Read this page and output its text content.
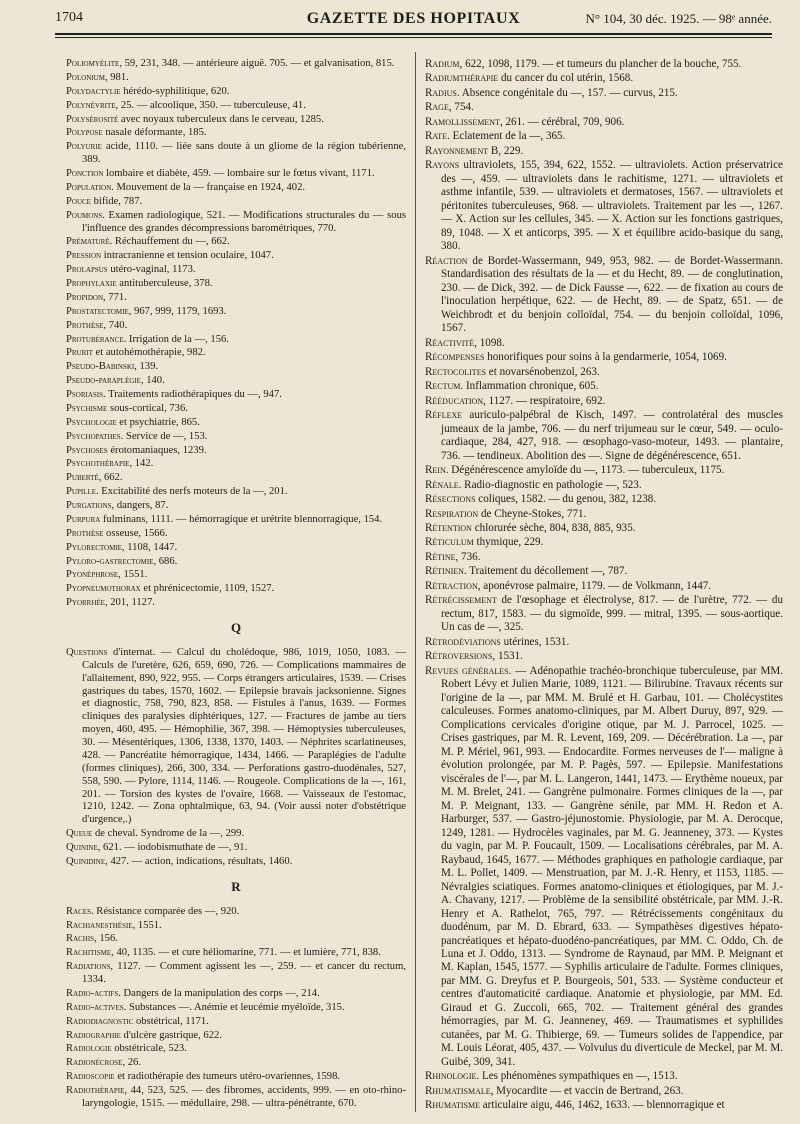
1704	GAZETTE DES HOPITAUX	N° 104, 30 déc. 1925. — 98ᵉ année.
Poliomyélite, 59, 231, 348. — antérieure aiguë. 705. — et galvanisation, 815.
Polonium, 981.
Polydactylie hérédo-syphilitique, 620.
Polynévrite, 25. — alcoolique, 350. — tuberculeuse, 41.
Polysérosité avec noyaux tuberculeux dans le cerveau, 1285.
Polypose nasale déformante, 185.
Polyurie acide, 1110. — liée sans doute à un gliome de la région tubérienne, 389.
Ponction lombaire et diabète, 459. — lombaire sur le fœtus vivant, 1171.
Population. Mouvement de la — française en 1924, 402.
Pouce bifide, 787.
Poumons. Examen radiologique, 521. — Modifications structurales du — sous l'influence des grandes décompressions barométriques, 770.
Prématuré. Réchauffement du —, 662.
Pression intracranienne et tension oculaire, 1047.
Prolapsus utéro-vaginal, 1173.
Prophylaxie antituberculeuse, 378.
Propidon, 771.
Prostatectomie, 967, 999, 1179, 1693.
Prothèse, 740.
Protubérance. Irrigation de la —, 156.
Prurit et autohémothérapie, 982.
Pseudo-Babinski, 139.
Pseudo-paraplégie, 140.
Psoriasis. Traitements radiothérapiques du —, 947.
Psychisme sous-cortical, 736.
Psychologie et psychiatrie, 865.
Psychopathes. Service de —, 153.
Psychoses érotomaniaques, 1239.
Psychothérapie, 142.
Puberté, 662.
Pupille. Excitabilité des nerfs moteurs de la —, 201.
Purgations, dangers, 87.
Purpura fulminans, 1111. — hémorragique et urétrite blennorragique, 154.
Prothèse osseuse, 1566.
Pylorectomie, 1108, 1447.
Pyloro-gastrectomie, 686.
Pyonéphrose, 1551.
Pyopneumothorax et phrénicectomie, 1109, 1527.
Pyorrhée, 201, 1127.
Q
Questions d'internat. — Calcul du cholédoque, 986, 1019, 1050, 1083. — Calculs de l'uretère, 626, 659, 690, 726. — Complications mammaires de l'allaitement, 890, 922, 955. — Corps étrangers articulaires, 1539. — Crises gastriques du tabes, 1570, 1602. — Epilepsie bravais jacksonienne. Signes et diagnostic, 758, 790, 823, 858. — Fistules à l'anus, 1639. — Formes cliniques des paralysies diphtériques, 127. — Fractures de jambe au tiers moyen, 460, 495. — Hémophilie, 367, 398. — Hémoptysies tuberculeuses, 30. — Mésentériques, 1306, 1338, 1370, 1403. — Néphrites scarlatineuses, 428. — Pancréatite hémorragique, 1434, 1466. — Paraplégies de l'adulte (formes cliniques), 266, 300, 334. — Perforations gastro-duodénales, 527, 558, 590. — Pylore, 1114, 1146. — Rougeole. Complications de la —, 161, 201. — Torsion des kystes de l'ovaire, 1668. — Vaisseaux de l'estomac, 1210, 1242. — Zona ophtalmique, 63, 94. (Voir aussi noter d'obstétrique d'urgence,.)
Queue de cheval. Syndrome de la —, 299.
Quinine, 621. — iodobismuthate de —, 91.
Quinidine, 427. — action, indications, résultats, 1460.
R
Races. Résistance comparée des —, 920.
Rachianesthésie, 1551.
Rachis, 156.
Rachitisme, 40, 1135. — et cure héliomarine, 771. — et lumière, 771, 838.
Radiations, 1127. — Comment agissent les —, 259. — et cancer du rectum, 1334.
Radio-actifs. Dangers de la manipulation des corps —, 214.
Radio-actives. Substances —. Anémie et leucémie myéloïde, 315.
Radiodiagnostic obstétrical, 1171.
Radiographie d'ulcère gastrique, 622.
Radiologie obstétricale, 523.
Radionécrose, 26.
Radioscopie et radiothérapie des tumeurs utéro-ovariennes, 1598.
Radiothérapie, 44, 523, 525. — des fibromes, accidents, 999. — en oto-rhino-laryngologie, 1515. — médullaire, 298. — ultra-pénétrante, 670.
Radium, 622, 1098, 1179. — et tumeurs du plancher de la bouche, 755.
Radiumthérapie du cancer du col utérin, 1568.
Radius. Absence congénitale du —, 157. — curvus, 215.
Rage, 754.
Ramollissement, 261. — cérébral, 709, 906.
Rate. Eclatement de la —, 365.
Rayonnement B, 229.
Rayons ultraviolets, 155, 394, 622, 1552. — ultraviolets. Action préservatrice des —, 459. — ultraviolets dans le rachitisme, 1271. — ultraviolets et asthme infantile, 539. — ultraviolets et dermatoses, 1567. — ultraviolets et péritonites tuberculeuses, 968. — ultraviolets. Traitement par les —, 1267. — X. Action sur les cellules, 345. — X. Action sur les fonctions gastriques, 89, 1048. — X et anticorps, 395. — X et équilibre acido-basique du sang, 380.
Réaction de Bordet-Wassermann, 949, 953, 982. — de Bordet-Wassermann. Standardisation des résultats de la — et du Hecht, 89. — de conglutination, 230. — de Dick, 392. — de Dick Fausse —, 622. — de fixation au cours de l'inoculation herpétique, 622. — de Hecht, 89. — de Spatz, 651. — de Weichbrodt et du benjoin colloïdal, 754. — du benjoin colloïdal, 1096, 1567.
Réactivité, 1098.
Récompenses honorifiques pour soins à la gendarmerie, 1054, 1069.
Rectocolites et novarsénobenzol, 263.
Rectum. Inflammation chronique, 605.
Rééducation, 1127. — respiratoire, 692.
Réflexe auriculo-palpébral de Kisch, 1497. — controlatéral des muscles jumeaux de la jambe, 706. — du nerf trijumeau sur le cœur, 549. — oculo-cardiaque, 284, 427, 918. — œsophago-vaso-moteur, 1493. — plantaire, 736. — tendineux. Abolition des —. Signe de dégénérescence, 651.
Rein. Dégénérescence amyloïde du —, 1173. — tuberculeux, 1175.
Rénale. Radio-diagnostic en pathologie —, 523.
Résections coliques, 1582. — du genou, 382, 1238.
Respiration de Cheyne-Stokes, 771.
Rétention chlorurée sèche, 804, 838, 885, 935.
Réticulum thymique, 229.
Rétine, 736.
Rétinien. Traitement du décollement —, 787.
Rétraction, aponévrose palmaire, 1179. — de Volkmann, 1447.
Rétrécissement de l'œsophage et électrolyse, 817. — de l'urètre, 772. — du rectum, 817, 1583. — du sigmoïde, 999. — mitral, 1395. — sous-aortique. Un cas de —, 325.
Rétrodéviations utérines, 1531.
Rétroversions, 1531.
Revues générales. — Adénopathie trachéo-bronchique tuberculeuse, par MM. Robert Lévy et Julien Marie, 1089, 1121. — Bilirubine. Travaux récents sur l'origine de la —, par MM. M. Brulé et H. Garbau, 101. — Cholécystites calculeuses. Formes anatomo-cliniques, par M. Albert Duruy, 897, 929. — Complications cervicales d'origine otique, par M. J. Parrocel, 1025. — Crises gastriques, par M. R. Levent, 169, 209. — Décérébration. La —, par M. P. Mériel, 961, 993. — Endocardite. Formes nerveuses de l'— maligne à évolution prolongée, par M. P. Pagès, 597. — Epilepsie. Manifestations viscérales de l'—, par M. L. Langeron, 1441, 1473. — Erythème noueux, par M. M. Brelet, 241. — Gangrène pulmonaire. Formes cliniques de la —, par M. P. Meignant, 133. — Gangrène sénile, par MM. H. Redon et A. Harburger, 537. — Gastro-jéjunostomie. Physiologie, par M. A. Derocque, 1249, 1281. — Hydrocèles vaginales, par M. G. Jeanneney, 373. — Kystes du vagin, par M. P. Foucault, 1509. — Localisations cérébrales, par M. A. Raybaud, 1645, 1677. — Méthodes graphiques en pathologie cardiaque, par M. L. Pollet, 1409. — Menstruation, par M. J.-R. Henry, et 1153, 1185. — Névralgies sciatiques. Formes anatomo-cliniques et étiologiques, par M. J.-A. Chavany, 1217. — Problème de la sensibilité obstétricale, par MM. J.-R. Henry et A. Rathelot, 765, 797. — Rétrécissements congénitaux du duodénum, par M. D. Ebrard, 633. — Sympathèses digestives hépato-pancréatiques et hépato-duodéno-pancréatiques, par MM. C. Oddo, Ch. de Luna et J. Oddo, 1313. — Syndrome de Raynaud, par MM. P. Meignant et M. Kaplan, 1545, 1577. — Syphilis articulaire de l'adulte. Formes cliniques, par MM. G. Dreyfus et P. Bourgeois, 501, 533. — Système conducteur et centres d'automaticité cardiaque. Anatomie et physiologie, par MM. Ed. Giraud et G. Zuccoli, 665, 702. — Traitement général des grandes hémorragies, par M. G. Jeanneney, 469. — Traumatismes et syphilides cutanées, par M. G. Thibierge, 69. — Tumeurs solides de l'appendice, par M. Louis Léorat, 405, 437. — Volvulus du diverticule de Meckel, par M. M. Guibé, 309, 341.
Rhinologie. Les phénomènes sympathiques en —, 1513.
Rhumatismale, Myocardite — et vaccin de Bertrand, 263.
Rhumatisme articulaire aigu, 446, 1462, 1633. — blennorragique et
